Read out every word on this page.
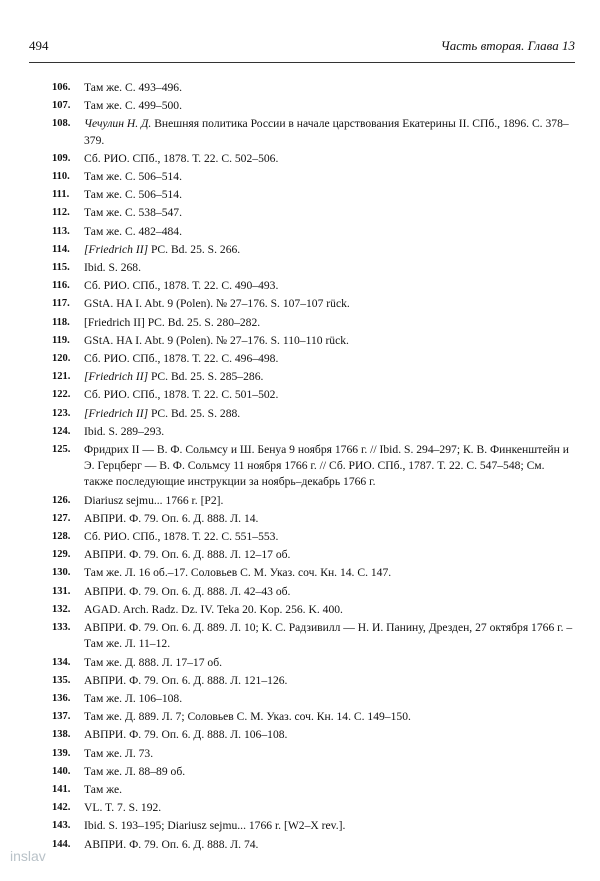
494	Часть вторая. Глава 13
106. Там же. С. 493–496.
107. Там же. С. 499–500.
108. Чечулин Н. Д. Внешняя политика России в начале царствования Екатерины II. СПб., 1896. С. 378–379.
109. Сб. РИО. СПб., 1878. Т. 22. С. 502–506.
110. Там же. С. 506–514.
111. Там же. С. 506–514.
112. Там же. С. 538–547.
113. Там же. С. 482–484.
114. [Friedrich II] PC. Bd. 25. S. 266.
115. Ibid. S. 268.
116. Сб. РИО. СПб., 1878. Т. 22. С. 490–493.
117. GStA. HA I. Abt. 9 (Polen). № 27–176. S. 107–107 rück.
118. [Friedrich II] PC. Bd. 25. S. 280–282.
119. GStA. HA I. Abt. 9 (Polen). № 27–176. S. 110–110 rück.
120. Сб. РИО. СПб., 1878. Т. 22. С. 496–498.
121. [Friedrich II] PC. Bd. 25. S. 285–286.
122. Сб. РИО. СПб., 1878. Т. 22. С. 501–502.
123. [Friedrich II] PC. Bd. 25. S. 288.
124. Ibid. S. 289–293.
125. Фридрих II — В. Ф. Сольмсу и Ш. Бенуа 9 ноября 1766 г. // Ibid. S. 294–297; К. В. Финкенштейн и Э. Герцберг — В. Ф. Сольмсу 11 ноября 1766 г. // Сб. РИО. СПб., 1787. Т. 22. С. 547–548; См. также последующие инструкции за ноябрь–декабрь 1766 г.
126. Diariusz sejmu... 1766 r. [P2].
127. АВПРИ. Ф. 79. Оп. 6. Д. 888. Л. 14.
128. Сб. РИО. СПб., 1878. Т. 22. С. 551–553.
129. АВПРИ. Ф. 79. Оп. 6. Д. 888. Л. 12–17 об.
130. Там же. Л. 16 об.–17. Соловьев С. М. Указ. соч. Кн. 14. С. 147.
131. АВПРИ. Ф. 79. Оп. 6. Д. 888. Л. 42–43 об.
132. AGAD. Arch. Radz. Dz. IV. Teka 20. Kop. 256. K. 400.
133. АВПРИ. Ф. 79. Оп. 6. Д. 889. Л. 10; К. С. Радзивилл — Н. И. Панину, Дрезден, 27 октября 1766 г. – Там же. Л. 11–12.
134. Там же. Д. 888. Л. 17–17 об.
135. АВПРИ. Ф. 79. Оп. 6. Д. 888. Л. 121–126.
136. Там же. Л. 106–108.
137. Там же. Д. 889. Л. 7; Соловьев С. М. Указ. соч. Кн. 14. С. 149–150.
138. АВПРИ. Ф. 79. Оп. 6. Д. 888. Л. 106–108.
139. Там же. Л. 73.
140. Там же. Л. 88–89 об.
141. Там же.
142. VL. T. 7. S. 192.
143. Ibid. S. 193–195; Diariusz sejmu... 1766 r. [W2–X rev.].
144. АВПРИ. Ф. 79. Оп. 6. Д. 888. Л. 74.
inslav
